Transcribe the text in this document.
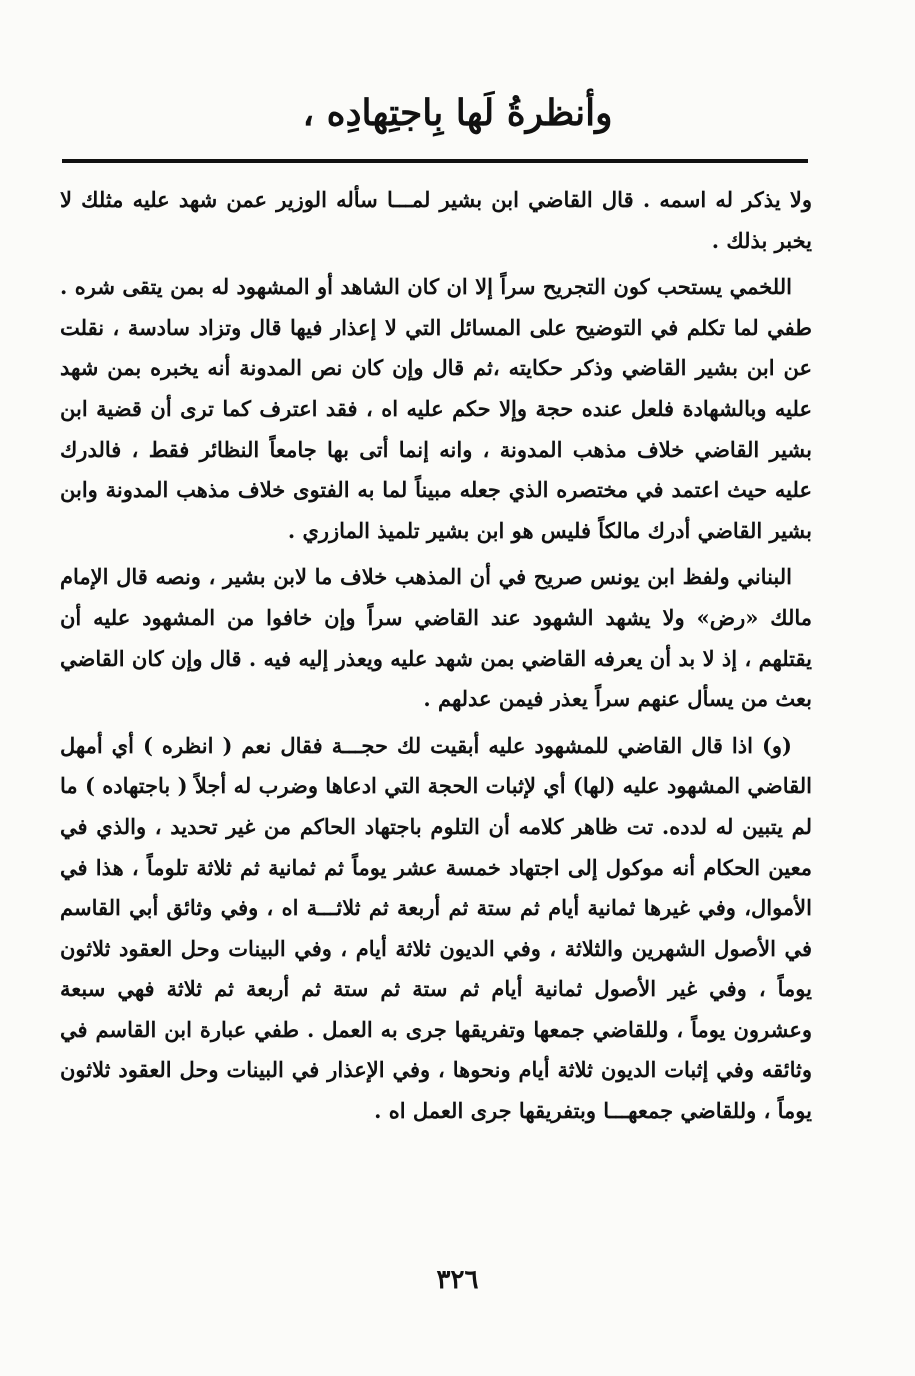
وأنظرةُ لَها بِاجتِهادِه ،

ولا يذكر له اسمه . قال القاضي ابن بشير لمـــا سأله الوزير عمن شهد عليه مثلك لا يخبر بذلك .

اللخمي يستحب كون التجريح سراً إلا ان كان الشاهد أو المشهود له بمن يتقى شره . طفي لما تكلم في التوضيح على المسائل التي لا إعذار فيها قال وتزاد سادسة ، نقلت عن ابن بشير القاضي وذكر حكايته ،ثم قال وإن كان نص المدونة أنه يخبره بمن شهد عليه وبالشهادة فلعل عنده حجة وإلا حكم عليه اه ، فقد اعترف كما ترى أن قضية ابن بشير القاضي خلاف مذهب المدونة ، وانه إنما أتى بها جامعاً النظائر فقط ، فالدرك عليه حيث اعتمد في مختصره الذي جعله مبيناً لما به الفتوى خلاف مذهب المدونة وابن بشير القاضي أدرك مالكاً فليس هو ابن بشير تلميذ المازري .

البناني ولفظ ابن يونس صريح في أن المذهب خلاف ما لابن بشير ، ونصه قال الإمام مالك «رض» ولا يشهد الشهود عند القاضي سراً وإن خافوا من المشهود عليه أن يقتلهم ، إذ لا بد أن يعرفه القاضي بمن شهد عليه ويعذر إليه فيه . قال وإن كان القاضي بعث من يسأل عنهم سراً يعذر فيمن عدلهم .

(و) اذا قال القاضي للمشهود عليه أبقيت لك حجـــة فقال نعم ( انظره ) أي أمهل القاضي المشهود عليه (لها) أي لإثبات الحجة التي ادعاها وضرب له أجلاً ( باجتهاده ) ما لم يتبين له لدده. تت ظاهر كلامه أن التلوم باجتهاد الحاكم من غير تحديد ، والذي في معين الحكام أنه موكول إلى اجتهاد خمسة عشر يوماً ثم ثمانية ثم ثلاثة تلوماً ، هذا في الأموال، وفي غيرها ثمانية أيام ثم ستة ثم أربعة ثم ثلاثـــة اه ، وفي وثائق أبي القاسم في الأصول الشهرين والثلاثة ، وفي الديون ثلاثة أيام ، وفي البينات وحل العقود ثلاثون يوماً ، وفي غير الأصول ثمانية أيام ثم ستة ثم ستة ثم أربعة ثم ثلاثة فهي سبعة وعشرون يوماً ، وللقاضي جمعها وتفريقها جرى به العمل . طفي عبارة ابن القاسم في وثائقه وفي إثبات الديون ثلاثة أيام ونحوها ، وفي الإعذار في البينات وحل العقود ثلاثون يوماً ، وللقاضي جمعهـــا وبتفريقها جرى العمل اه .

٣٢٦
